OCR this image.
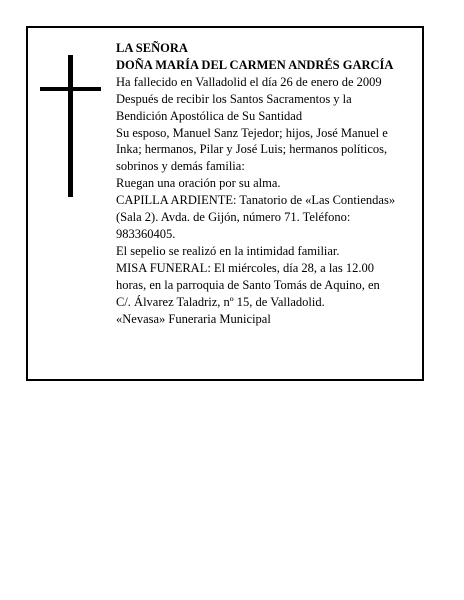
LA SEÑORA
DOÑA MARÍA DEL CARMEN ANDRÉS GARCÍA
Ha fallecido en Valladolid el día 26 de enero de 2009
Después de recibir los Santos Sacramentos y la
Bendición Apostólica de Su Santidad
Su esposo, Manuel Sanz Tejedor; hijos, José Manuel e
Inka; hermanos, Pilar y José Luis; hermanos políticos,
sobrinos y demás familia:
Ruegan una oración por su alma.
CAPILLA ARDIENTE: Tanatorio de «Las Contiendas»
(Sala 2). Avda. de Gijón, número 71. Teléfono:
983360405.
El sepelio se realizó en la intimidad familiar.
MISA FUNERAL: El miércoles, día 28, a las 12.00
horas, en la parroquia de Santo Tomás de Aquino, en
C/. Álvarez Taladriz, nº 15, de Valladolid.
«Nevasa» Funeraria Municipal
